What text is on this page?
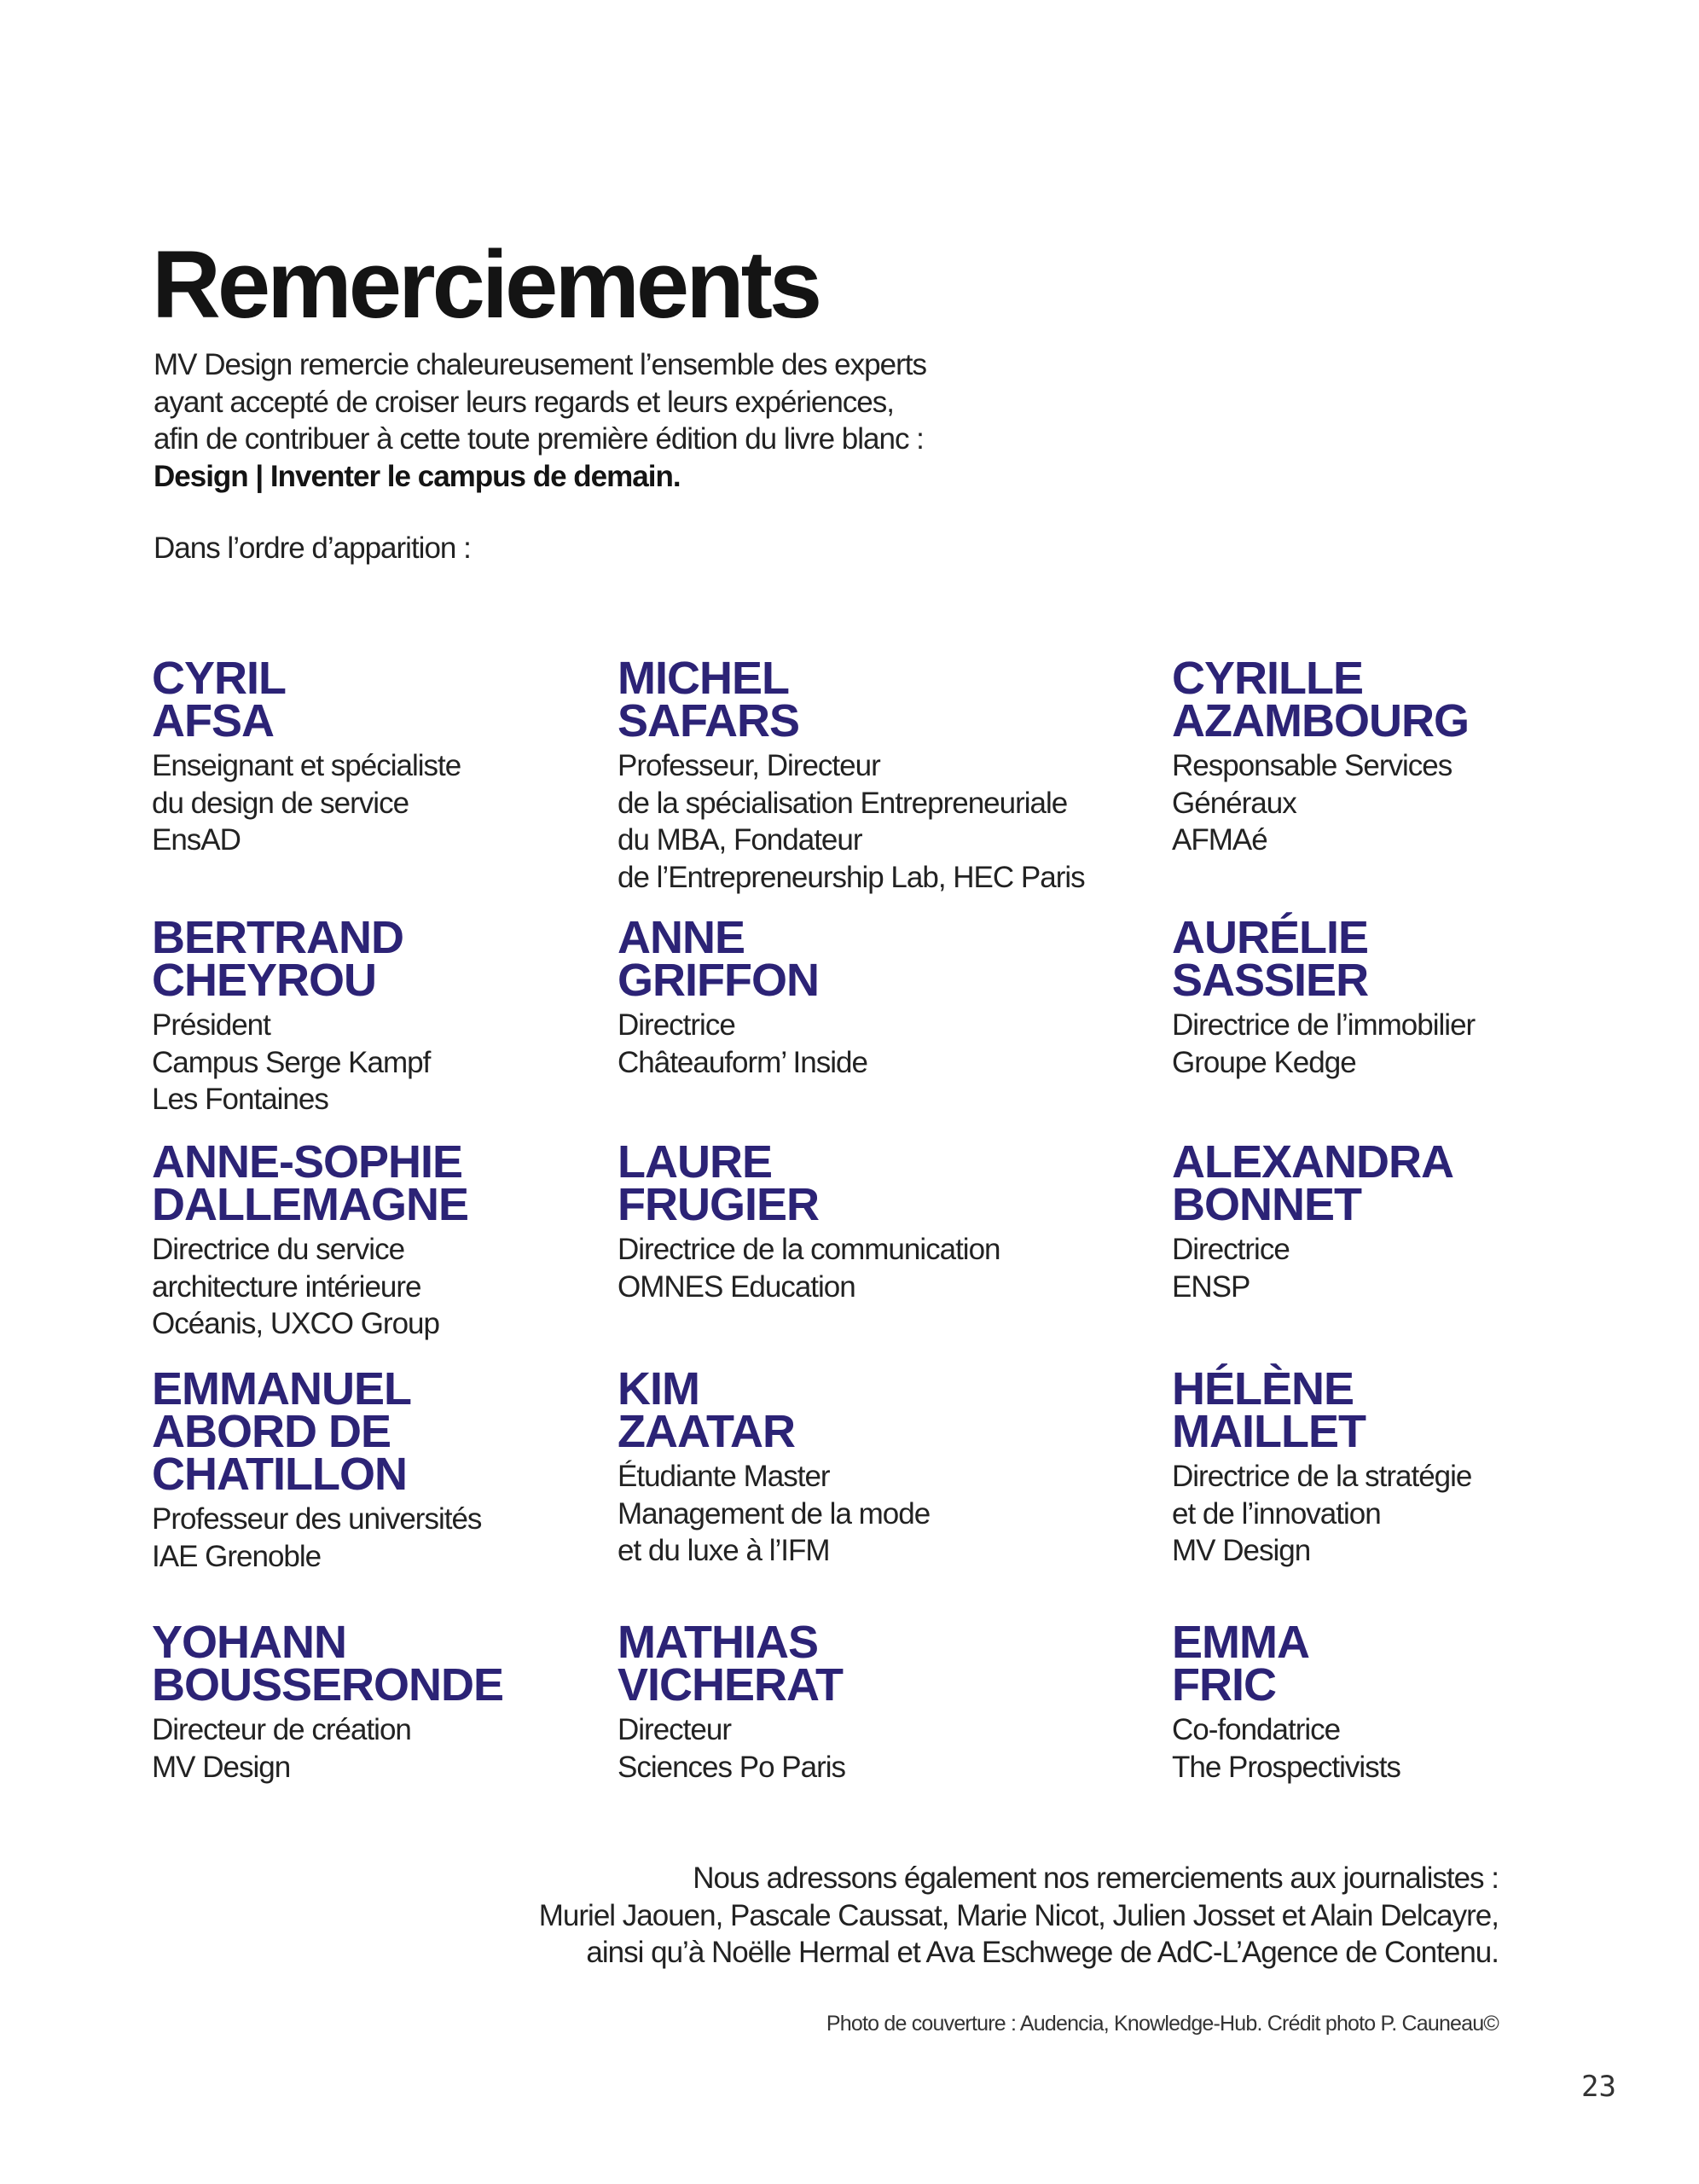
Remerciements
MV Design remercie chaleureusement l’ensemble des experts
ayant accepté de croiser leurs regards et leurs expériences,
afin de contribuer à cette toute première édition du livre blanc :
Design | Inventer le campus de demain.
Dans l’ordre d’apparition :
CYRIL
AFSA
Enseignant et spécialiste
du design de service
EnsAD
MICHEL
SAFARS
Professeur, Directeur
de la spécialisation Entrepreneuriale
du MBA, Fondateur
de l’Entrepreneurship Lab, HEC Paris
CYRILLE
AZAMBOURG
Responsable Services
Généraux
AFMAé
BERTRAND
CHEYROU
Président
Campus Serge Kampf
Les Fontaines
ANNE
GRIFFON
Directrice
Châteauform’ Inside
AURÉLIE
SASSIER
Directrice de l’immobilier
Groupe Kedge
ANNE-SOPHIE
DALLEMAGNE
Directrice du service
architecture intérieure
Océanis, UXCO Group
LAURE
FRUGIER
Directrice de la communication
OMNES Education
ALEXANDRA
BONNET
Directrice
ENSP
EMMANUEL
ABORD DE
CHATILLON
Professeur des universités
IAE Grenoble
KIM
ZAATAR
Étudiante Master
Management de la mode
et du luxe à l’IFM
HÉLÈNE
MAILLET
Directrice de la stratégie
et de l’innovation
MV Design
YOHANN
BOUSSERONDE
Directeur de création
MV Design
MATHIAS
VICHERAT
Directeur
Sciences Po Paris
EMMA
FRIC
Co-fondatrice
The Prospectivists
Nous adressons également nos remerciements aux journalistes :
Muriel Jaouen, Pascale Caussat, Marie Nicot, Julien Josset et Alain Delcayre,
ainsi qu’à Noëlle Hermal et Ava Eschwege de AdC-L’Agence de Contenu.
Photo de couverture : Audencia, Knowledge-Hub. Crédit photo P. Cauneau©
23
